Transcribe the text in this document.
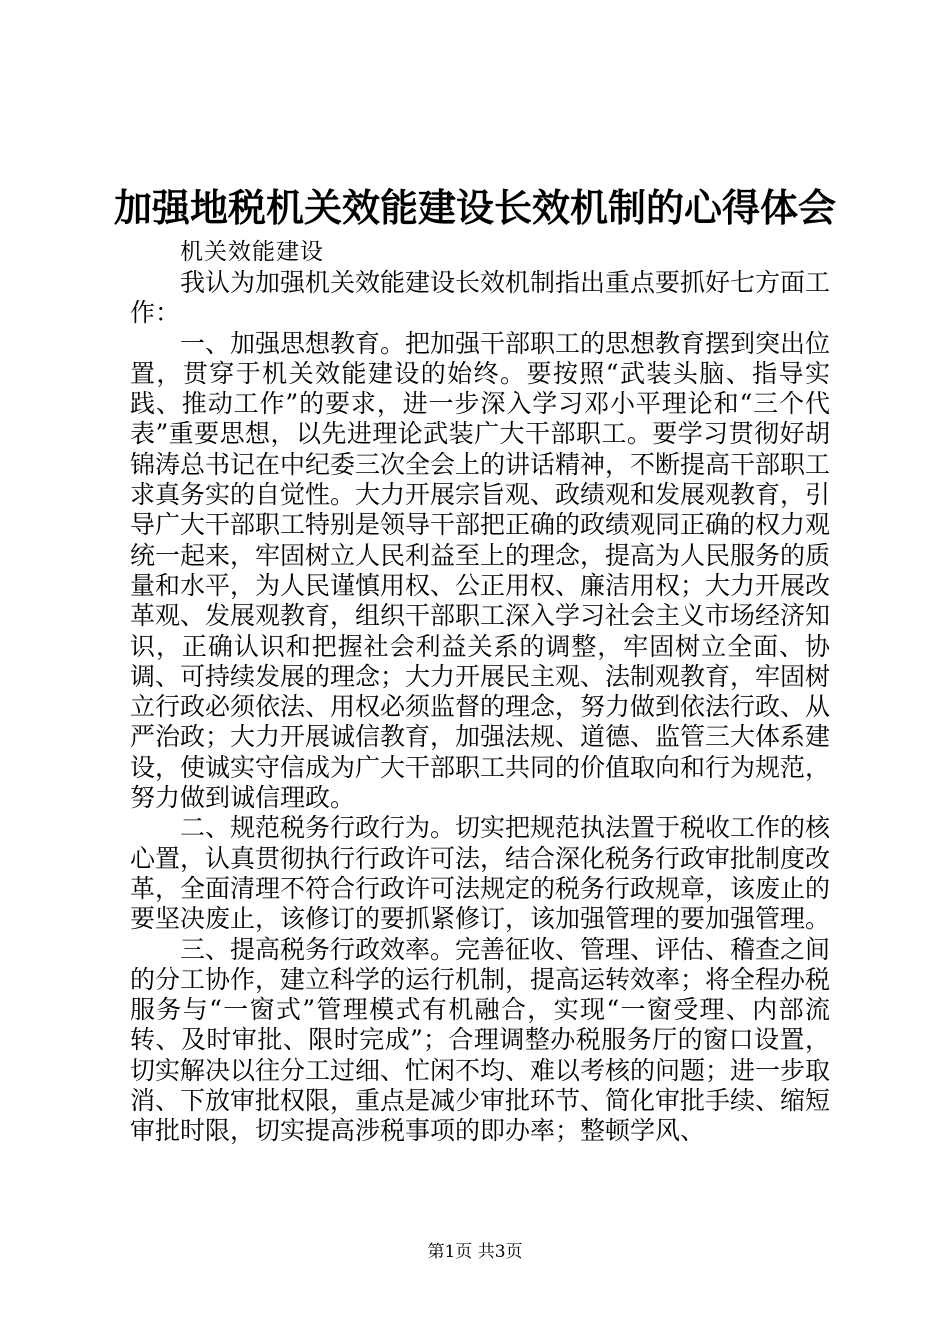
加强地税机关效能建设长效机制的心得体会
机关效能建设

我认为加强机关效能建设长效机制指出重点要抓好七方面工作：

一、加强思想教育。把加强干部职工的思想教育摆到突出位置，贯穿于机关效能建设的始终。要按照“武装头脑、指导实践、推动工作”的要求，进一步深入学习邓小平理论和“三个代表”重要思想，以先进理论武装广大干部职工。要学习贯彻好胡锦涛总书记在中纪委三次全会上的讲话精神，不断提高干部职工求真务实的自觉性。大力开展宗旨观、政绩观和发展观教育，引导广大干部职工特别是领导干部把正确的政绩观同正确的权力观统一起来，牢固树立人民利益至上的理念，提高为人民服务的质量和水平，为人民谨慎用权、公正用权、廉洁用权；大力开展改革观、发展观教育，组织干部职工深入学习社会主义市场经济知识，正确认识和把握社会利益关系的调整，牢固树立全面、协调、可持续发展的理念；大力开展民主观、法制观教育，牢固树立行政必须依法、用权必须监督的理念，努力做到依法行政、从严治政；大力开展诚信教育，加强法规、道德、监管三大体系建设，使诚实守信成为广大干部职工共同的价值取向和行为规范，努力做到诚信理政。

二、规范税务行政行为。切实把规范执法置于税收工作的核心置，认真贯彻执行行政许可法，结合深化税务行政审批制度改革，全面清理不符合行政许可法规定的税务行政规章，该废止的要坚决废止，该修订的要抓紧修订，该加强管理的要加强管理。

三、提高税务行政效率。完善征收、管理、评估、稽查之间的分工协作，建立科学的运行机制，提高运转效率；将全程办税服务与“一窗式”管理模式有机融合，实现“一窗受理、内部流转、及时审批、限时完成”；合理调整办税服务厅的窗口设置，切实解决以往分工过细、忙闲不均、难以考核的问题；进一步取消、下放审批权限，重点是减少审批环节、简化审批手续、缩短审批时限，切实提高涉税事项的即办率；整顿学风、

第1页 共3页
